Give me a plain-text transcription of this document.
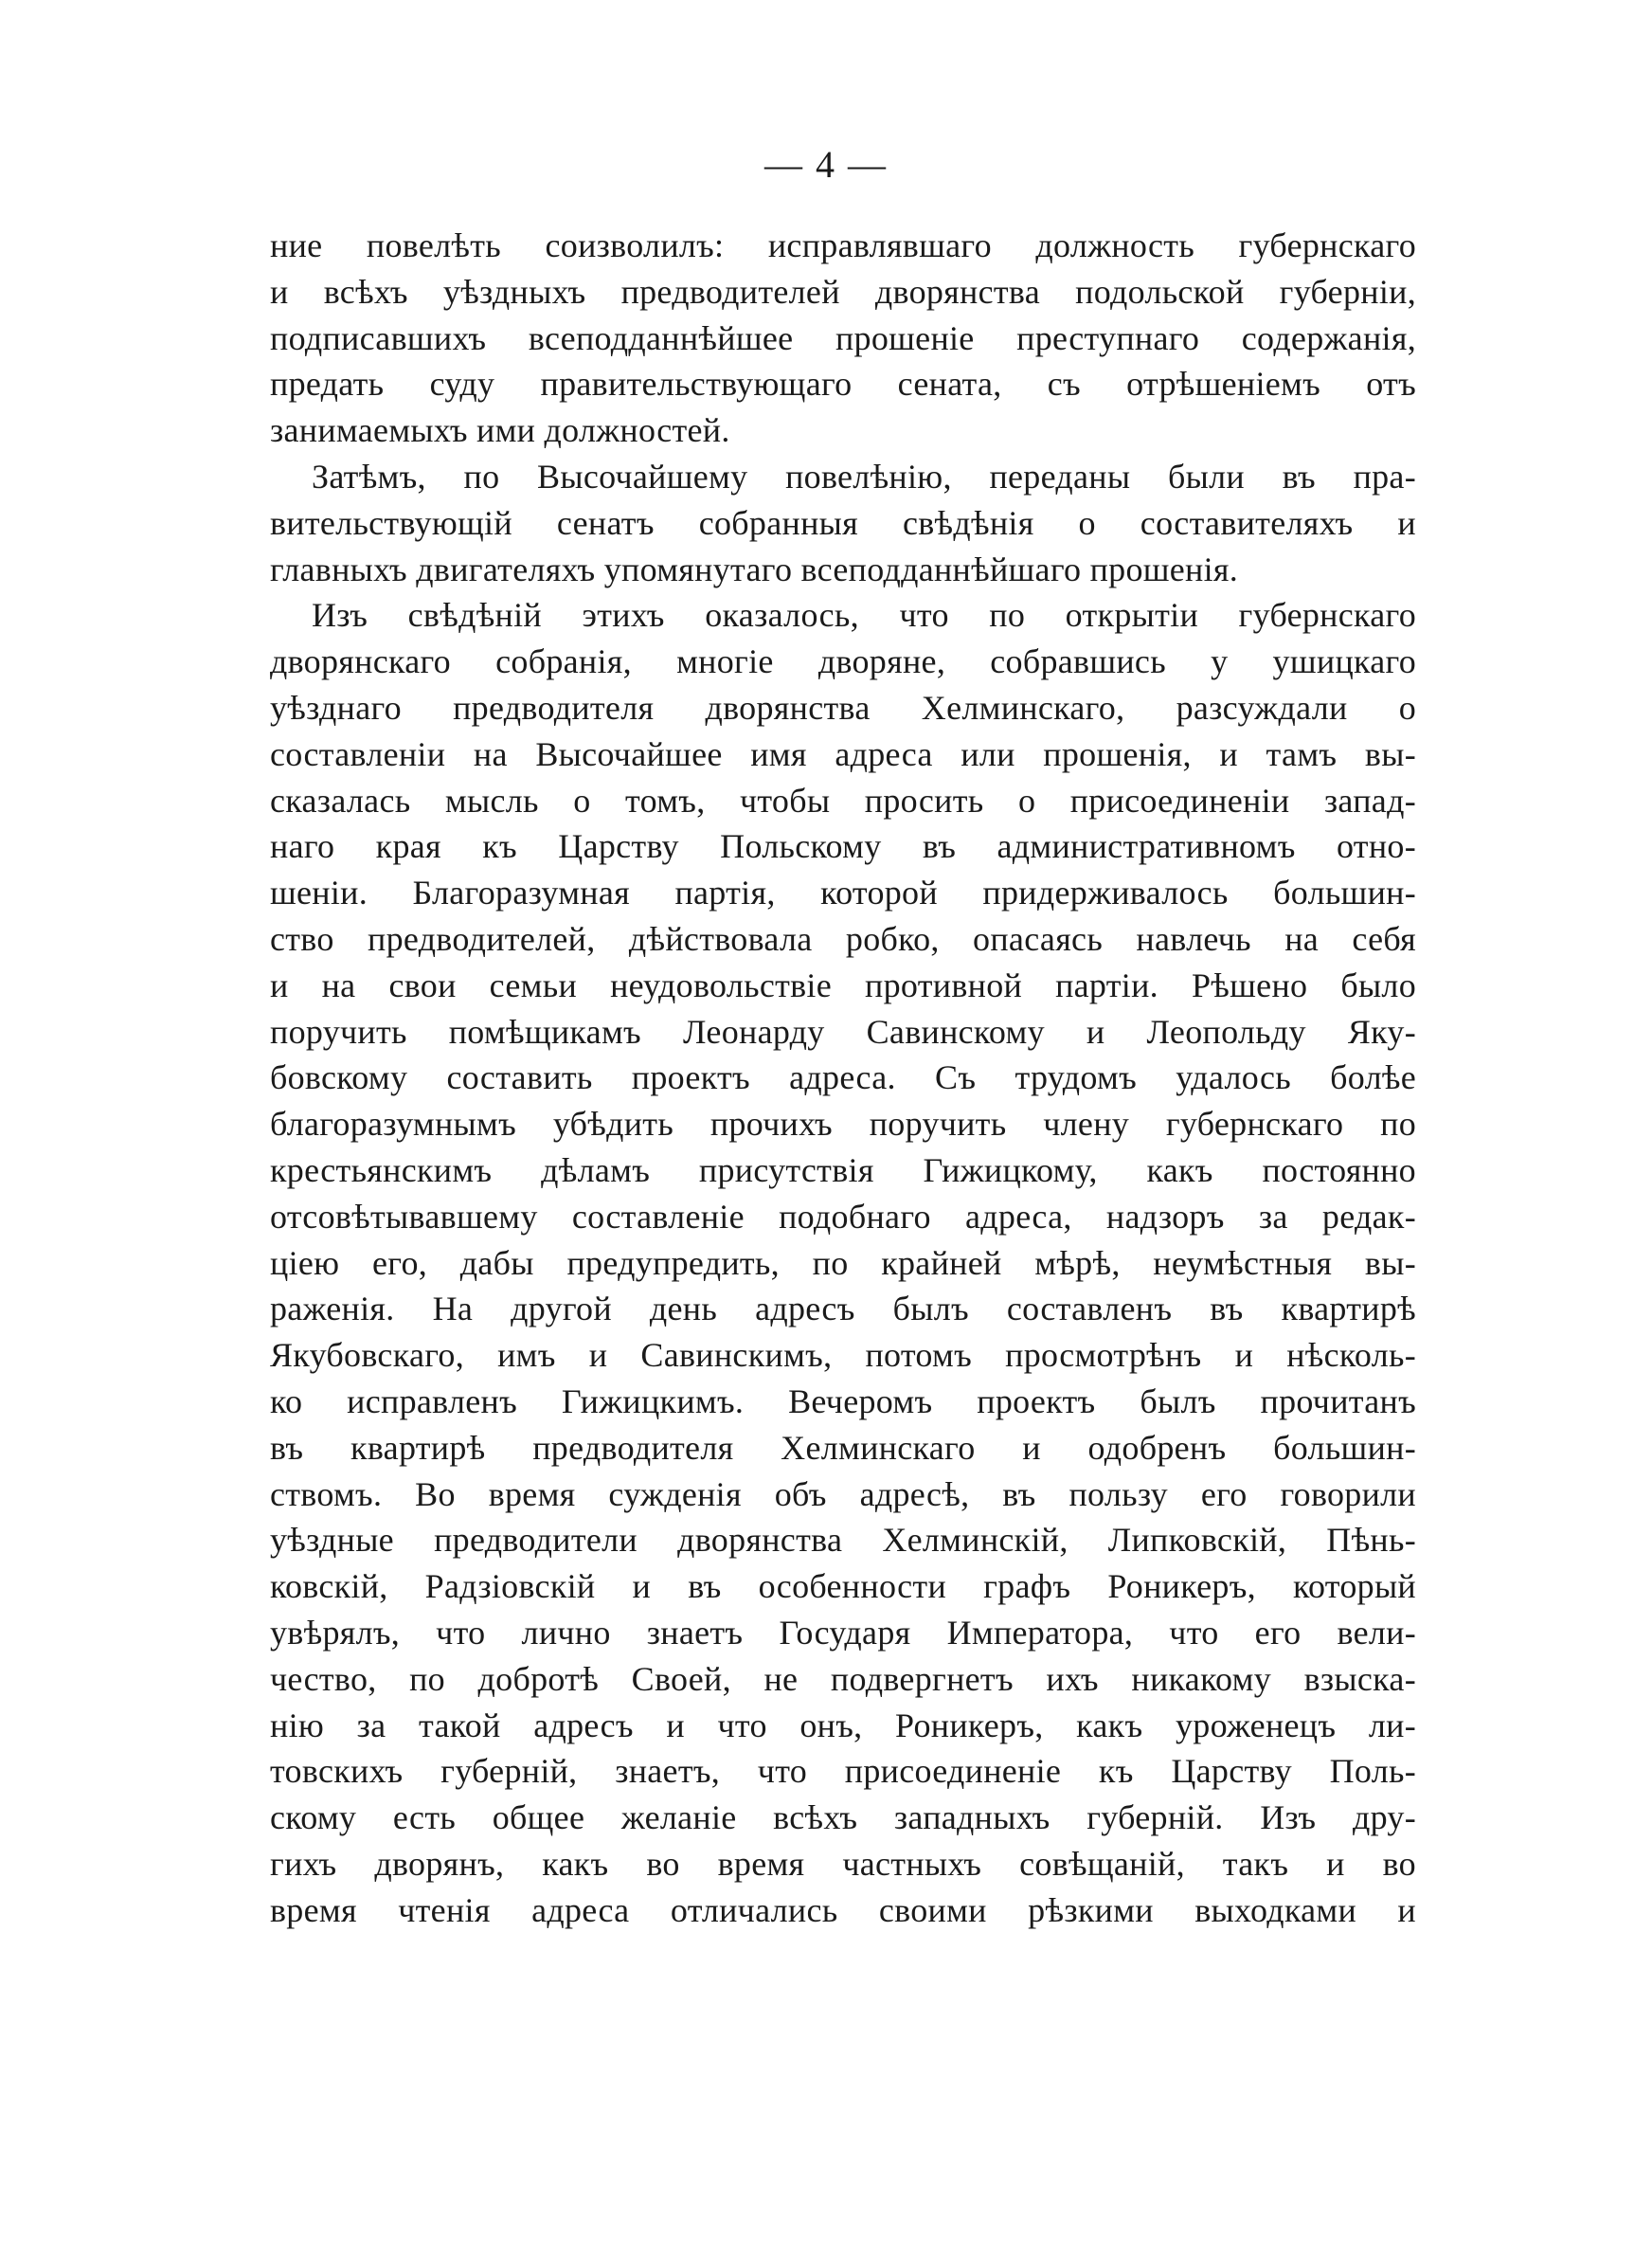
— 4 —
ние повелѣть соизволилъ: исправлявшаго должность губернскаго
и всѣхъ уѣздныхъ предводителей дворянства подольской губерніи,
подписавшихъ всеподданнѣйшее прошеніе преступнаго содержанія,
предать суду правительствующаго сената, съ отрѣшеніемъ отъ
занимаемыхъ ими должностей.
Затѣмъ, по Высочайшему повелѣнію, переданы были въ пра-
вительствующій сенатъ собранныя свѣдѣнія о составителяхъ и
главныхъ двигателяхъ упомянутаго всеподданнѣйшаго прошенія.
Изъ свѣдѣній этихъ оказалось, что по открытіи губернскаго
дворянскаго собранія, многіе дворяне, собравшись у ушицкаго
уѣзднаго предводителя дворянства Хелминскаго, разсуждали о
составленіи на Высочайшее имя адреса или прошенія, и тамъ вы-
сказалась мысль о томъ, чтобы просить о присоединеніи запад-
наго края къ Царству Польскому въ административномъ отно-
шеніи. Благоразумная партія, которой придерживалось большин-
ство предводителей, дѣйствовала робко, опасаясь навлечь на себя
и на свои семьи неудовольствіе противной партіи. Рѣшено было
поручить помѣщикамъ Леонарду Савинскому и Леопольду Яку-
бовскому составить проектъ адреса. Съ трудомъ удалось болѣе
благоразумнымъ убѣдить прочихъ поручить члену губернскаго по
крестьянскимъ дѣламъ присутствія Гижицкому, какъ постоянно
отсовѣтывавшему составленіе подобнаго адреса, надзоръ за редак-
ціею его, дабы предупредить, по крайней мѣрѣ, неумѣстныя вы-
раженія. На другой день адресъ былъ составленъ въ квартирѣ
Якубовскаго, имъ и Савинскимъ, потомъ просмотрѣнъ и нѣсколь-
ко исправленъ Гижицкимъ. Вечеромъ проектъ былъ прочитанъ
въ квартирѣ предводителя Хелминскаго и одобренъ большин-
ствомъ. Во время сужденія объ адресѣ, въ пользу его говорили
уѣздные предводители дворянства Хелминскій, Липковскій, Пѣнь-
ковскій, Радзіовскій и въ особенности графъ Роникеръ, который
увѣрялъ, что лично знаетъ Государя Императора, что его вели-
чество, по добротѣ Своей, не подвергнетъ ихъ никакому взыска-
нію за такой адресъ и что онъ, Роникеръ, какъ уроженецъ ли-
товскихъ губерній, знаетъ, что присоединеніе къ Царству Поль-
скому есть общее желаніе всѣхъ западныхъ губерній. Изъ дру-
гихъ дворянъ, какъ во время частныхъ совѣщаній, такъ и во
время чтенія адреса отличались своими рѣзкими выходками и
